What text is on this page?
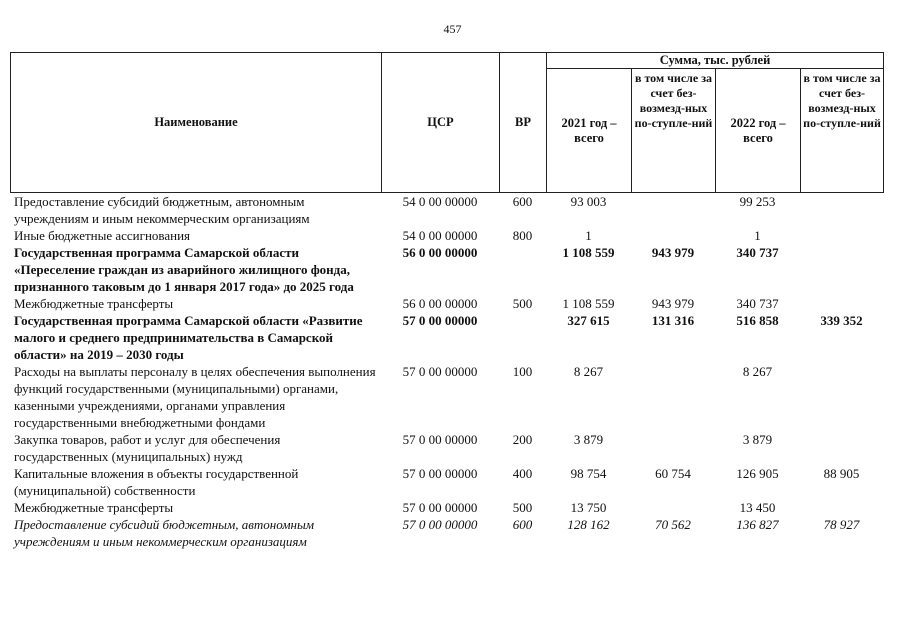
457
Наименование	ЦСР	ВР	Сумма, тыс. рублей			
			2021 год – всего	в том числе за счет без-возмезд-ных по-ступле-ний	2022 год – всего	в том числе за счет без-возмезд-ных по-ступле-ний
Предоставление субсидий бюджетным, автономным учреждениям и иным некоммерческим организациям	54 0 00 00000	600	93 003		99 253	
Иные бюджетные ассигнования	54 0 00 00000	800	1		1	
Государственная программа Самарской области «Переселение граждан из аварийного жилищного фонда, признанного таковым до 1 января 2017 года» до 2025 года	56 0 00 00000		1 108 559	943 979	340 737	
Межбюджетные трансферты	56 0 00 00000	500	1 108 559	943 979	340 737	
Государственная программа Самарской области «Развитие малого и среднего предпринимательства в Самарской области» на 2019 – 2030 годы	57 0 00 00000		327 615	131 316	516 858	339 352
Расходы на выплаты персоналу в целях обеспечения выполнения функций государственными (муниципальными) органами, казенными учреждениями, органами управления государственными внебюджетными фондами	57 0 00 00000	100	8 267		8 267	
Закупка товаров, работ и услуг для обеспечения государственных (муниципальных) нужд	57 0 00 00000	200	3 879		3 879	
Капитальные вложения в объекты государственной (муниципальной) собственности	57 0 00 00000	400	98 754	60 754	126 905	88 905
Межбюджетные трансферты	57 0 00 00000	500	13 750		13 450	
Предоставление субсидий бюджетным, автономным учреждениям и иным некоммерческим организациям	57 0 00 00000	600	128 162	70 562	136 827	78 927
